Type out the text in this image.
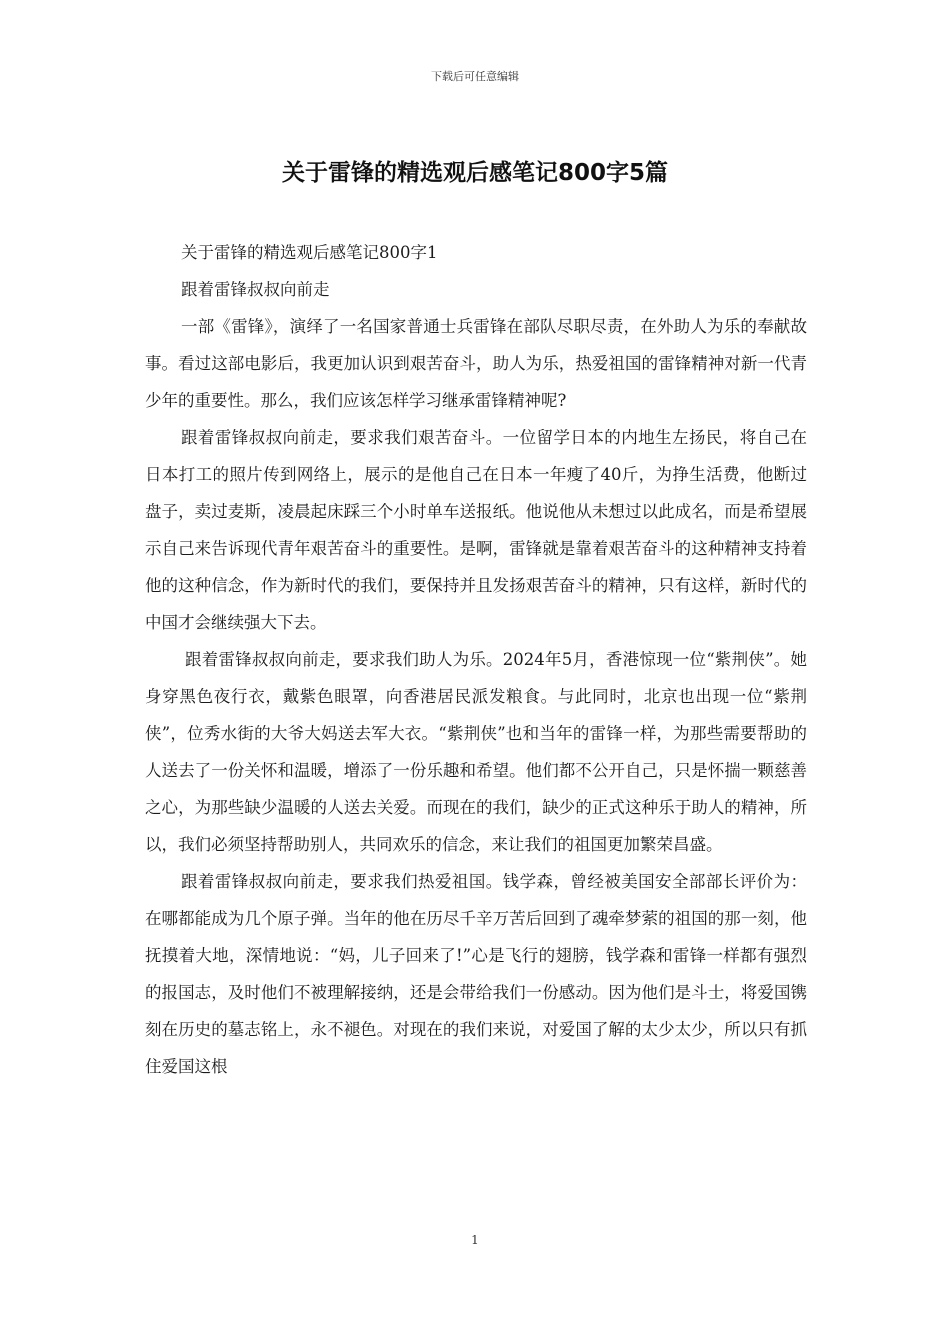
下载后可任意编辑
关于雷锋的精选观后感笔记800字5篇

关于雷锋的精选观后感笔记800字1

跟着雷锋叔叔向前走

一部《雷锋》，演绎了一名国家普通士兵雷锋在部队尽职尽责，在外助人为乐的奉献故事。看过这部电影后，我更加认识到艰苦奋斗，助人为乐，热爱祖国的雷锋精神对新一代青少年的重要性。那么，我们应该怎样学习继承雷锋精神呢?

跟着雷锋叔叔向前走，要求我们艰苦奋斗。一位留学日本的内地生左扬民，将自己在日本打工的照片传到网络上，展示的是他自己在日本一年瘦了40斤，为挣生活费，他断过盘子，卖过麦斯，凌晨起床踩三个小时单车送报纸。他说他从未想过以此成名，而是希望展示自己来告诉现代青年艰苦奋斗的重要性。是啊，雷锋就是靠着艰苦奋斗的这种精神支持着他的这种信念，作为新时代的我们，要保持并且发扬艰苦奋斗的精神，只有这样，新时代的中国才会继续强大下去。

跟着雷锋叔叔向前走，要求我们助人为乐。2024年5月，香港惊现一位“紫荆侠”。她身穿黑色夜行衣，戴紫色眼罩，向香港居民派发粮食。与此同时，北京也出现一位“紫荆侠”，位秀水街的大爷大妈送去军大衣。“紫荆侠”也和当年的雷锋一样，为那些需要帮助的人送去了一份关怀和温暖，增添了一份乐趣和希望。他们都不公开自己，只是怀揣一颗慈善之心，为那些缺少温暖的人送去关爱。而现在的我们，缺少的正式这种乐于助人的精神，所以，我们必须坚持帮助别人，共同欢乐的信念，来让我们的祖国更加繁荣昌盛。

跟着雷锋叔叔向前走，要求我们热爱祖国。钱学森，曾经被美国安全部部长评价为：在哪都能成为几个原子弹。当年的他在历尽千辛万苦后回到了魂牵梦萦的祖国的那一刻，他抚摸着大地，深情地说：“妈，儿子回来了!”心是飞行的翅膀，钱学森和雷锋一样都有强烈的报国志，及时他们不被理解接纳，还是会带给我们一份感动。因为他们是斗士，将爱国镌刻在历史的墓志铭上，永不褪色。对现在的我们来说，对爱国了解的太少太少，所以只有抓住爱国这根

1
